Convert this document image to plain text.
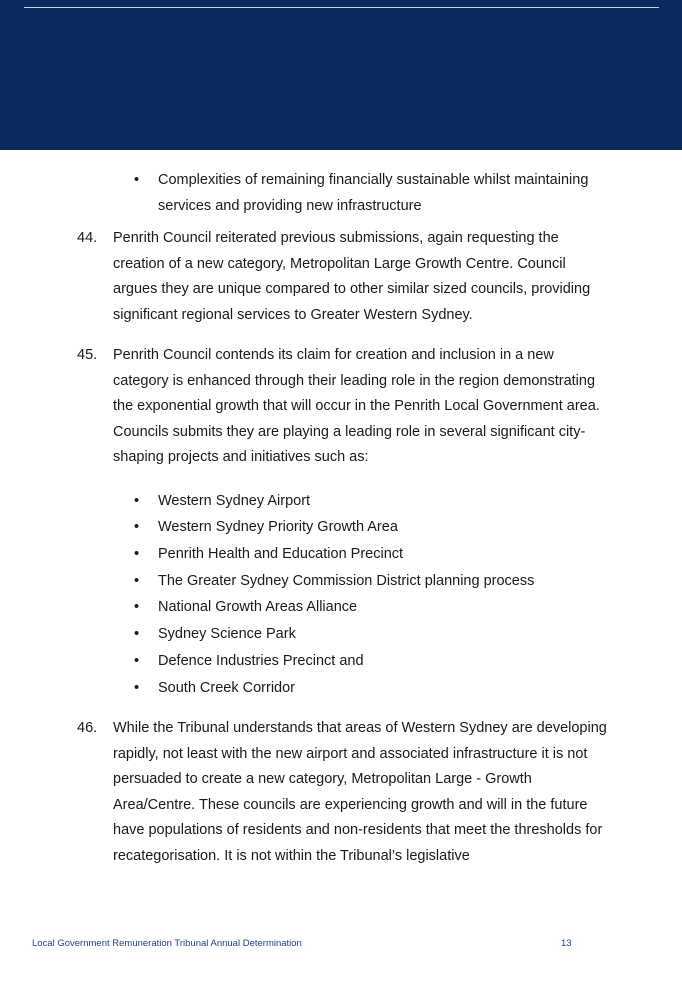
•	Complexities of remaining financially sustainable whilst maintaining services and providing new infrastructure
44.	Penrith Council reiterated previous submissions, again requesting the creation of a new category, Metropolitan Large Growth Centre. Council argues they are unique compared to other similar sized councils, providing significant regional services to Greater Western Sydney.
45.	Penrith Council contends its claim for creation and inclusion in a new category is enhanced through their leading role in the region demonstrating the exponential growth that will occur in the Penrith Local Government area. Councils submits they are playing a leading role in several significant city-shaping projects and initiatives such as:
•	Western Sydney Airport
•	Western Sydney Priority Growth Area
•	Penrith Health and Education Precinct
•	The Greater Sydney Commission District planning process
•	National Growth Areas Alliance
•	Sydney Science Park
•	Defence Industries Precinct and
•	South Creek Corridor
46.	While the Tribunal understands that areas of Western Sydney are developing rapidly, not least with the new airport and associated infrastructure it is not persuaded to create a new category, Metropolitan Large - Growth Area/Centre. These councils are experiencing growth and will in the future have populations of residents and non-residents that meet the thresholds for recategorisation. It is not within the Tribunal’s legislative
Local Government Remuneration Tribunal Annual Determination	13
